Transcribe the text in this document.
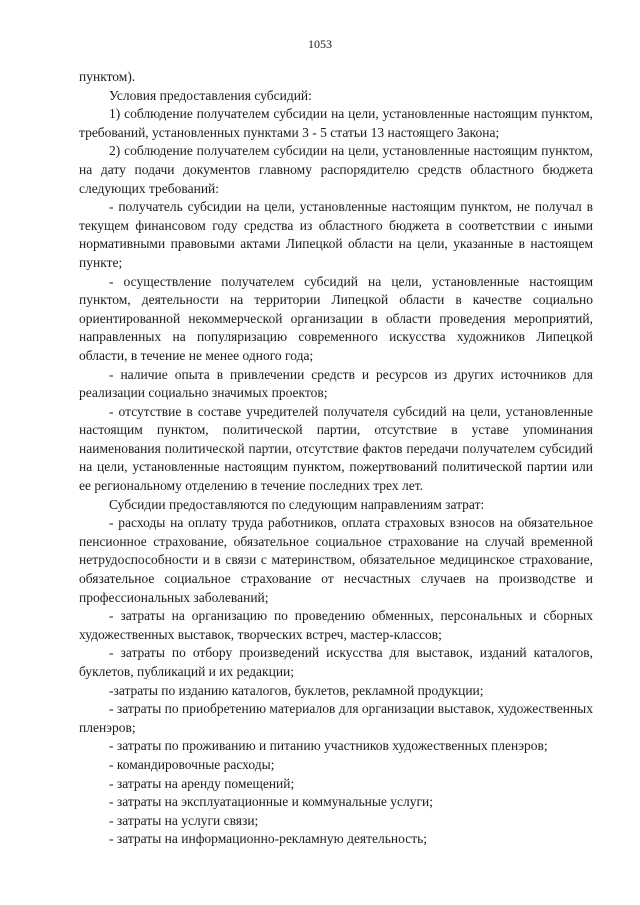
1053

пунктом).

Условия предоставления субсидий:

1) соблюдение получателем субсидии на цели, установленные настоящим пунктом, требований, установленных пунктами 3 - 5 статьи 13 настоящего Закона;

2) соблюдение получателем субсидии на цели, установленные настоящим пунктом, на дату подачи документов главному распорядителю средств областного бюджета следующих требований:

- получатель субсидии на цели, установленные настоящим пунктом, не получал в текущем финансовом году средства из областного бюджета в соответствии с иными нормативными правовыми актами Липецкой области на цели, указанные в настоящем пункте;

- осуществление получателем субсидий на цели, установленные настоящим пунктом, деятельности на территории Липецкой области в качестве социально ориентированной некоммерческой организации в области проведения мероприятий, направленных на популяризацию современного искусства художников Липецкой области, в течение не менее одного года;

- наличие опыта в привлечении средств и ресурсов из других источников для реализации социально значимых проектов;

- отсутствие в составе учредителей получателя субсидий на цели, установленные настоящим пунктом, политической партии, отсутствие в уставе упоминания наименования политической партии, отсутствие фактов передачи получателем субсидий на цели, установленные настоящим пунктом, пожертвований политической партии или ее региональному отделению в течение последних трех лет.

Субсидии предоставляются по следующим направлениям затрат:

- расходы на оплату труда работников, оплата страховых взносов на обязательное пенсионное страхование, обязательное социальное страхование на случай временной нетрудоспособности и в связи с материнством, обязательное медицинское страхование, обязательное социальное страхование от несчастных случаев на производстве и профессиональных заболеваний;

- затраты на организацию по проведению обменных, персональных и сборных художественных выставок, творческих встреч, мастер-классов;

- затраты по отбору произведений искусства для выставок, изданий каталогов, буклетов, публикаций и их редакции;

-затраты по изданию каталогов, буклетов, рекламной продукции;

- затраты по приобретению материалов для организации выставок, художественных пленэров;

- затраты по проживанию и питанию участников художественных пленэров;

- командировочные расходы;

- затраты на аренду помещений;

- затраты на эксплуатационные и коммунальные услуги;

- затраты на услуги связи;

- затраты на информационно-рекламную деятельность;
